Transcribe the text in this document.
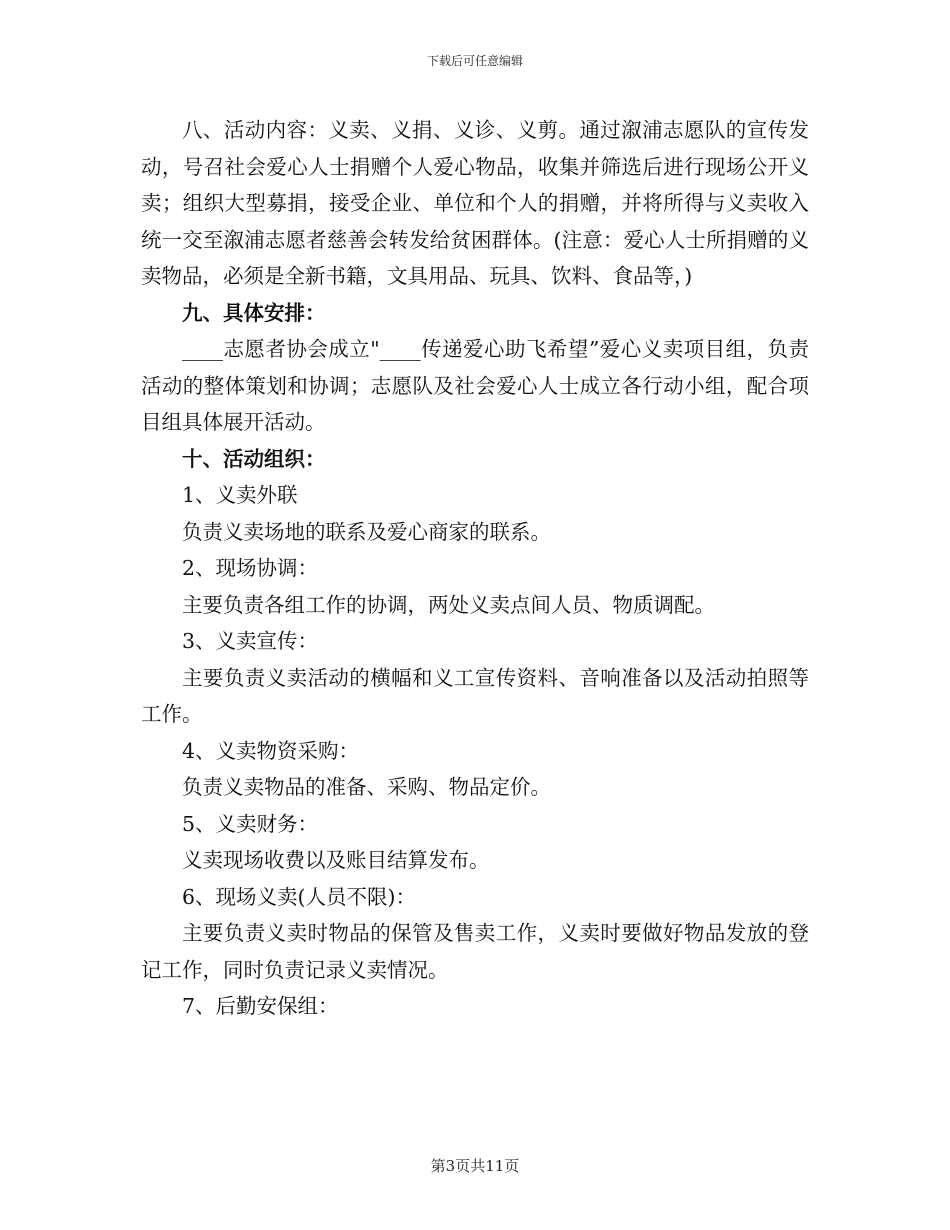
下载后可任意编辑

八、活动内容：义卖、义捐、义诊、义剪。通过溆浦志愿队的宣传发动，号召社会爱心人士捐赠个人爱心物品，收集并筛选后进行现场公开义卖；组织大型募捐，接受企业、单位和个人的捐赠，并将所得与义卖收入统一交至溆浦志愿者慈善会转发给贫困群体。(注意：爱心人士所捐赠的义卖物品，必须是全新书籍，文具用品、玩具、饮料、食品等，)

九、具体安排：

____志愿者协会成立"____传递爱心助飞希望”爱心义卖项目组，负责活动的整体策划和协调；志愿队及社会爱心人士成立各行动小组，配合项目组具体展开活动。

十、活动组织：

1、义卖外联

负责义卖场地的联系及爱心商家的联系。

2、现场协调：

主要负责各组工作的协调，两处义卖点间人员、物质调配。

3、义卖宣传：

主要负责义卖活动的横幅和义工宣传资料、音响准备以及活动拍照等工作。

4、义卖物资采购：

负责义卖物品的准备、采购、物品定价。

5、义卖财务：

义卖现场收费以及账目结算发布。

6、现场义卖(人员不限)：

主要负责义卖时物品的保管及售卖工作，义卖时要做好物品发放的登记工作，同时负责记录义卖情况。

7、后勤安保组：

第3页共11页
